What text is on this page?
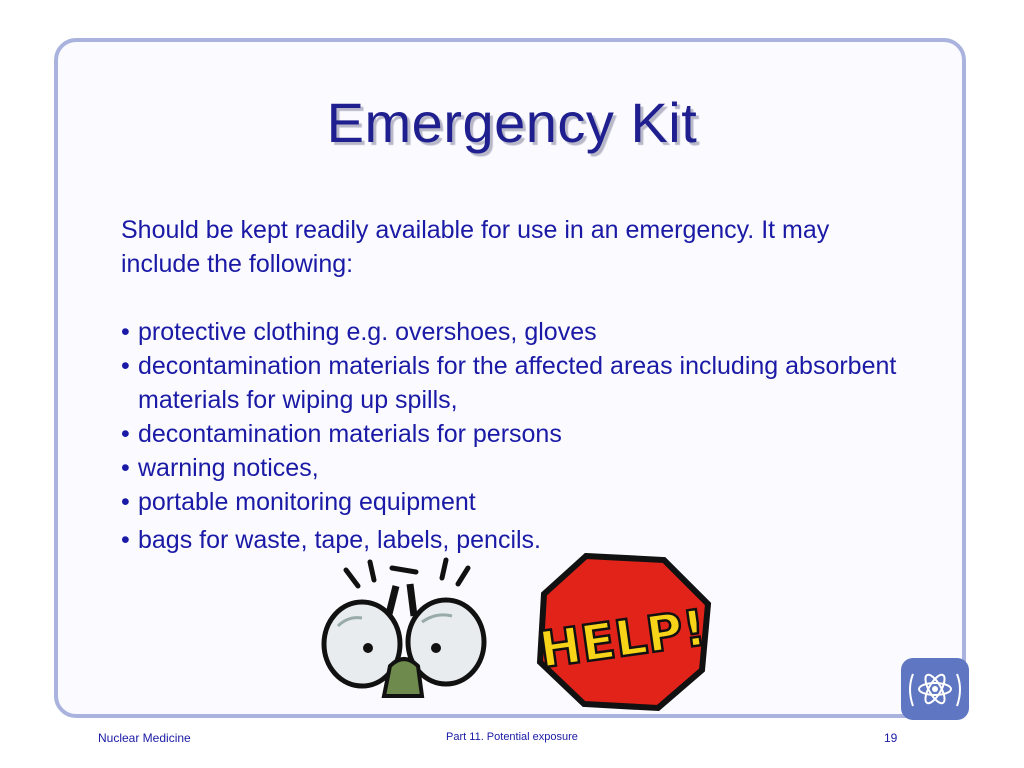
Emergency Kit

Should be kept readily available for use in an emergency. It may include the following:

• protective clothing e.g. overshoes, gloves
• decontamination materials for the affected areas including absorbent materials for wiping up spills,
• decontamination materials for persons
• warning notices,
• portable monitoring equipment
• bags for waste, tape, labels, pencils.
HELP!
Nuclear Medicine	Part 11. Potential exposure	19
